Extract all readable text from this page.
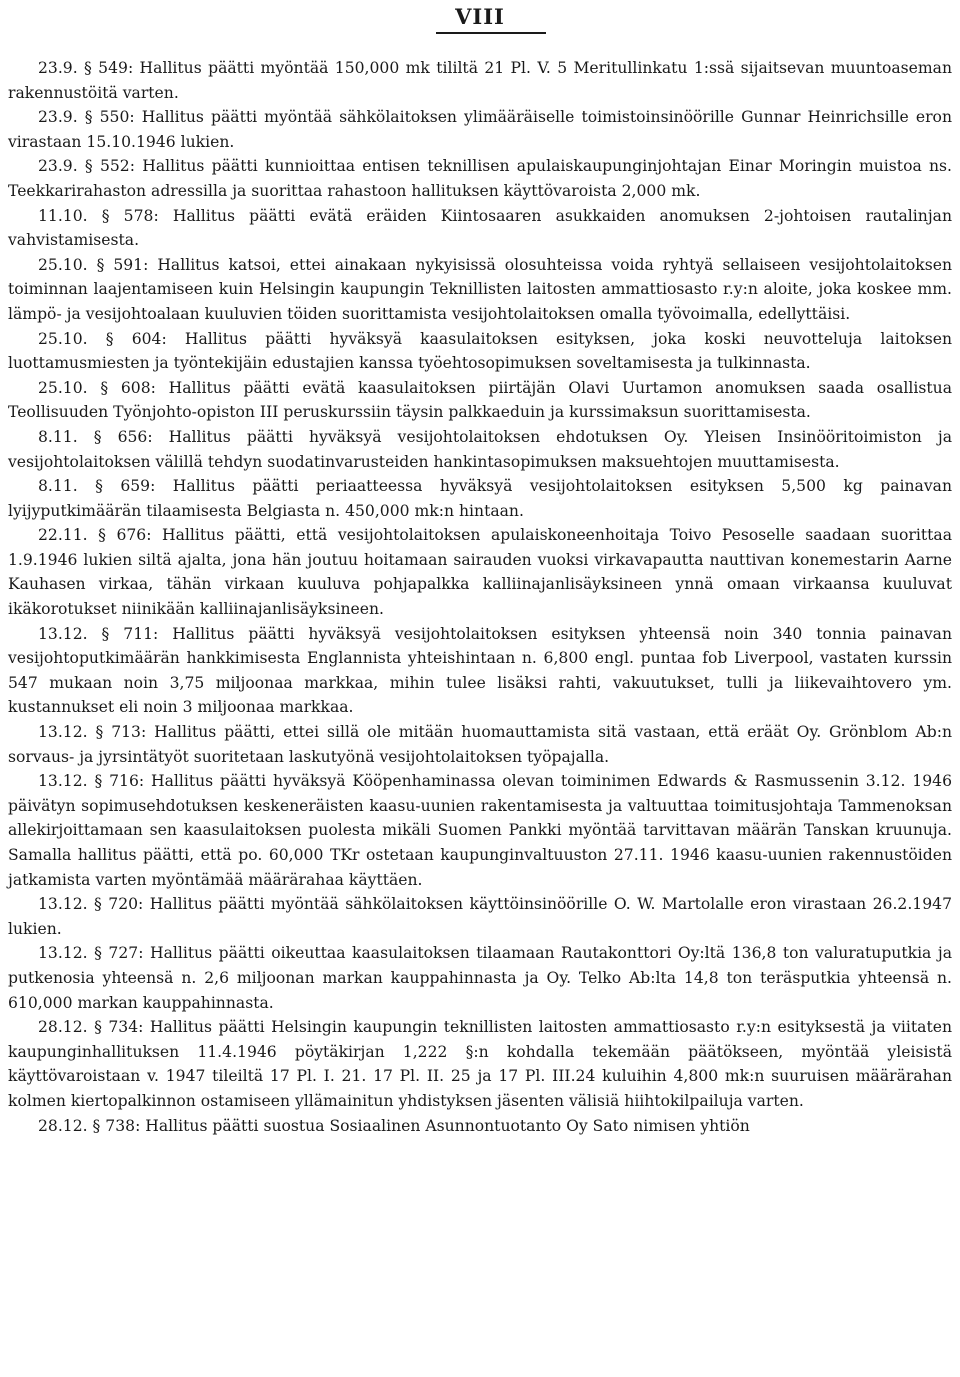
VIII

23.9. § 549: Hallitus päätti myöntää 150,000 mk tililtä 21 Pl. V. 5 Meritullinkatu 1:ssä sijaitsevan muuntoaseman rakennustöitä varten.

23.9. § 550: Hallitus päätti myöntää sähkölaitoksen ylimääräiselle toimistoinsinöörille Gunnar Heinrichsille eron virastaan 15.10.1946 lukien.

23.9. § 552: Hallitus päätti kunnioittaa entisen teknillisen apulaiskaupunginjohtajan Einar Moringin muistoa ns. Teekkarirahaston adressilla ja suorittaa rahastoon hallituksen käyttövaroista 2,000 mk.

11.10. § 578: Hallitus päätti evätä eräiden Kiintosaaren asukkaiden anomuksen 2-johtoisen rautalinjan vahvistamisesta.

25.10. § 591: Hallitus katsoi, ettei ainakaan nykyisissä olosuhteissa voida ryhtyä sellaiseen vesijohtolaitoksen toiminnan laajentamiseen kuin Helsingin kaupungin Teknillisten laitosten ammattiosasto r.y:n aloite, joka koskee mm. lämpö- ja vesijohtoalaan kuuluvien töiden suorittamista vesijohtolaitoksen omalla työvoimalla, edellyttäisi.

25.10. § 604: Hallitus päätti hyväksyä kaasulaitoksen esityksen, joka koski neuvotteluja laitoksen luottamusmiesten ja työntekijäin edustajien kanssa työehtosopimuksen soveltamisesta ja tulkinnasta.

25.10. § 608: Hallitus päätti evätä kaasulaitoksen piirtäjän Olavi Uurtamon anomuksen saada osallistua Teollisuuden Työnjohto-opiston III peruskurssiin täysin palkkaeduin ja kurssimaksun suorittamisesta.

8.11. § 656: Hallitus päätti hyväksyä vesijohtolaitoksen ehdotuksen Oy. Yleisen Insinööritoimiston ja vesijohtolaitoksen välillä tehdyn suodatinvarusteiden hankintasopimuksen maksuehtojen muuttamisesta.

8.11. § 659: Hallitus päätti periaatteessa hyväksyä vesijohtolaitoksen esityksen 5,500 kg painavan lyijyputkimäärän tilaamisesta Belgiasta n. 450,000 mk:n hintaan.

22.11. § 676: Hallitus päätti, että vesijohtolaitoksen apulaiskoneenhoitaja Toivo Pesoselle saadaan suorittaa 1.9.1946 lukien siltä ajalta, jona hän joutuu hoitamaan sairauden vuoksi virkavapautta nauttivan konemestarin Aarne Kauhasen virkaa, tähän virkaan kuuluva pohjapalkka kalliinajanlisäyksineen ynnä omaan virkaansa kuuluvat ikäkorotukset niinikään kalliinajanlisäyksineen.

13.12. § 711: Hallitus päätti hyväksyä vesijohtolaitoksen esityksen yhteensä noin 340 tonnia painavan vesijohtoputkimäärän hankkimisesta Englannista yhteishintaan n. 6,800 engl. puntaa fob Liverpool, vastaten kurssin 547 mukaan noin 3,75 miljoonaa markkaa, mihin tulee lisäksi rahti, vakuutukset, tulli ja liikevaihtovero ym. kustannukset eli noin 3 miljoonaa markkaa.

13.12. § 713: Hallitus päätti, ettei sillä ole mitään huomauttamista sitä vastaan, että eräät Oy. Grönblom Ab:n sorvaus- ja jyrsintätyöt suoritetaan laskutyönä vesijohtolaitoksen työpajalla.

13.12. § 716: Hallitus päätti hyväksyä Kööpenhaminassa olevan toiminimen Edwards & Rasmussenin 3.12. 1946 päivätyn sopimusehdotuksen keskeneräisten kaasu-uunien rakentamisesta ja valtuuttaa toimitusjohtaja Tammenoksan allekirjoittamaan sen kaasulaitoksen puolesta mikäli Suomen Pankki myöntää tarvittavan määrän Tanskan kruunuja. Samalla hallitus päätti, että po. 60,000 TKr ostetaan kaupunginvaltuuston 27.11. 1946 kaasu-uunien rakennustöiden jatkamista varten myöntämää määrärahaa käyttäen.

13.12. § 720: Hallitus päätti myöntää sähkölaitoksen käyttöinsinöörille O. W. Martolalle eron virastaan 26.2.1947 lukien.

13.12. § 727: Hallitus päätti oikeuttaa kaasulaitoksen tilaamaan Rautakonttori Oy:ltä 136,8 ton valuratuputkia ja putkenosia yhteensä n. 2,6 miljoonan markan kauppahinnasta ja Oy. Telko Ab:lta 14,8 ton teräsputkia yhteensä n. 610,000 markan kauppahinnasta.

28.12. § 734: Hallitus päätti Helsingin kaupungin teknillisten laitosten ammattiosasto r.y:n esityksestä ja viitaten kaupunginhallituksen 11.4.1946 pöytäkirjan 1,222 §:n kohdalla tekemään päätökseen, myöntää yleisistä käyttövaroistaan v. 1947 tileiltä 17 Pl. I. 21. 17 Pl. II. 25 ja 17 Pl. III.24 kuluihin 4,800 mk:n suuruisen määrärahan kolmen kiertopalkinnon ostamiseen yllämainitun yhdistyksen jäsenten välisiä hiihtokilpailuja varten.

28.12. § 738: Hallitus päätti suostua Sosiaalinen Asunnontuotanto Oy Sato nimisen yhtiön
